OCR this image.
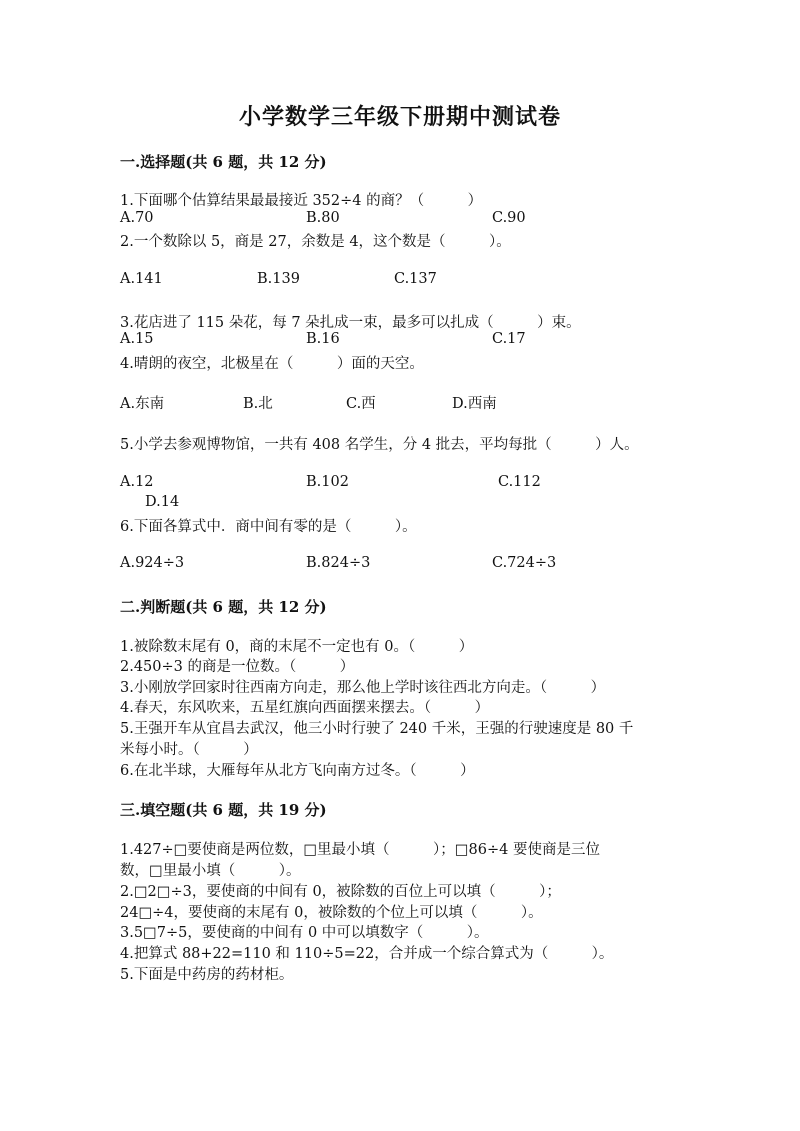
小学数学三年级下册期中测试卷
一.选择题(共 6 题，共 12 分)
1.下面哪个估算结果最最接近 352÷4 的商？（　　　）
A.70	B.80	C.90
2.一个数除以 5，商是 27，余数是 4，这个数是（　　　）。
A.141	B.139	C.137
3.花店进了 115 朵花，每 7 朵扎成一束，最多可以扎成（　　　）束。
A.15	B.16	C.17
4.晴朗的夜空，北极星在（　　　）面的天空。
A.东南	B.北	C.西	D.西南
5.小学去参观博物馆，一共有 408 名学生，分 4 批去，平均每批（　　　）人。
A.12	B.102	C.112
D.14
6.下面各算式中．商中间有零的是（　　　）。
A.924÷3	B.824÷3	C.724÷3
二.判断题(共 6 题，共 12 分)
1.被除数末尾有 0，商的末尾不一定也有 0。（　　　）
2.450÷3 的商是一位数。（　　　）
3.小刚放学回家时往西南方向走，那么他上学时该往西北方向走。（　　　）
4.春天，东风吹来，五星红旗向西面摆来摆去。（　　　）
5.王强开车从宜昌去武汉，他三小时行驶了 240 千米，王强的行驶速度是 80 千
米每小时。（　　　）
6.在北半球，大雁每年从北方飞向南方过冬。（　　　）
三.填空题(共 6 题，共 19 分)
1.427÷□要使商是两位数，□里最小填（　　　）；□86÷4 要使商是三位
数，□里最小填（　　　）。
2.□2□÷3，要使商的中间有 0，被除数的百位上可以填（　　　）；
24□÷4，要使商的末尾有 0，被除数的个位上可以填（　　　）。
3.5□7÷5，要使商的中间有 0 中可以填数字（　　　）。
4.把算式 88+22=110 和 110÷5=22，合并成一个综合算式为（　　　）。
5.下面是中药房的药材柜。
